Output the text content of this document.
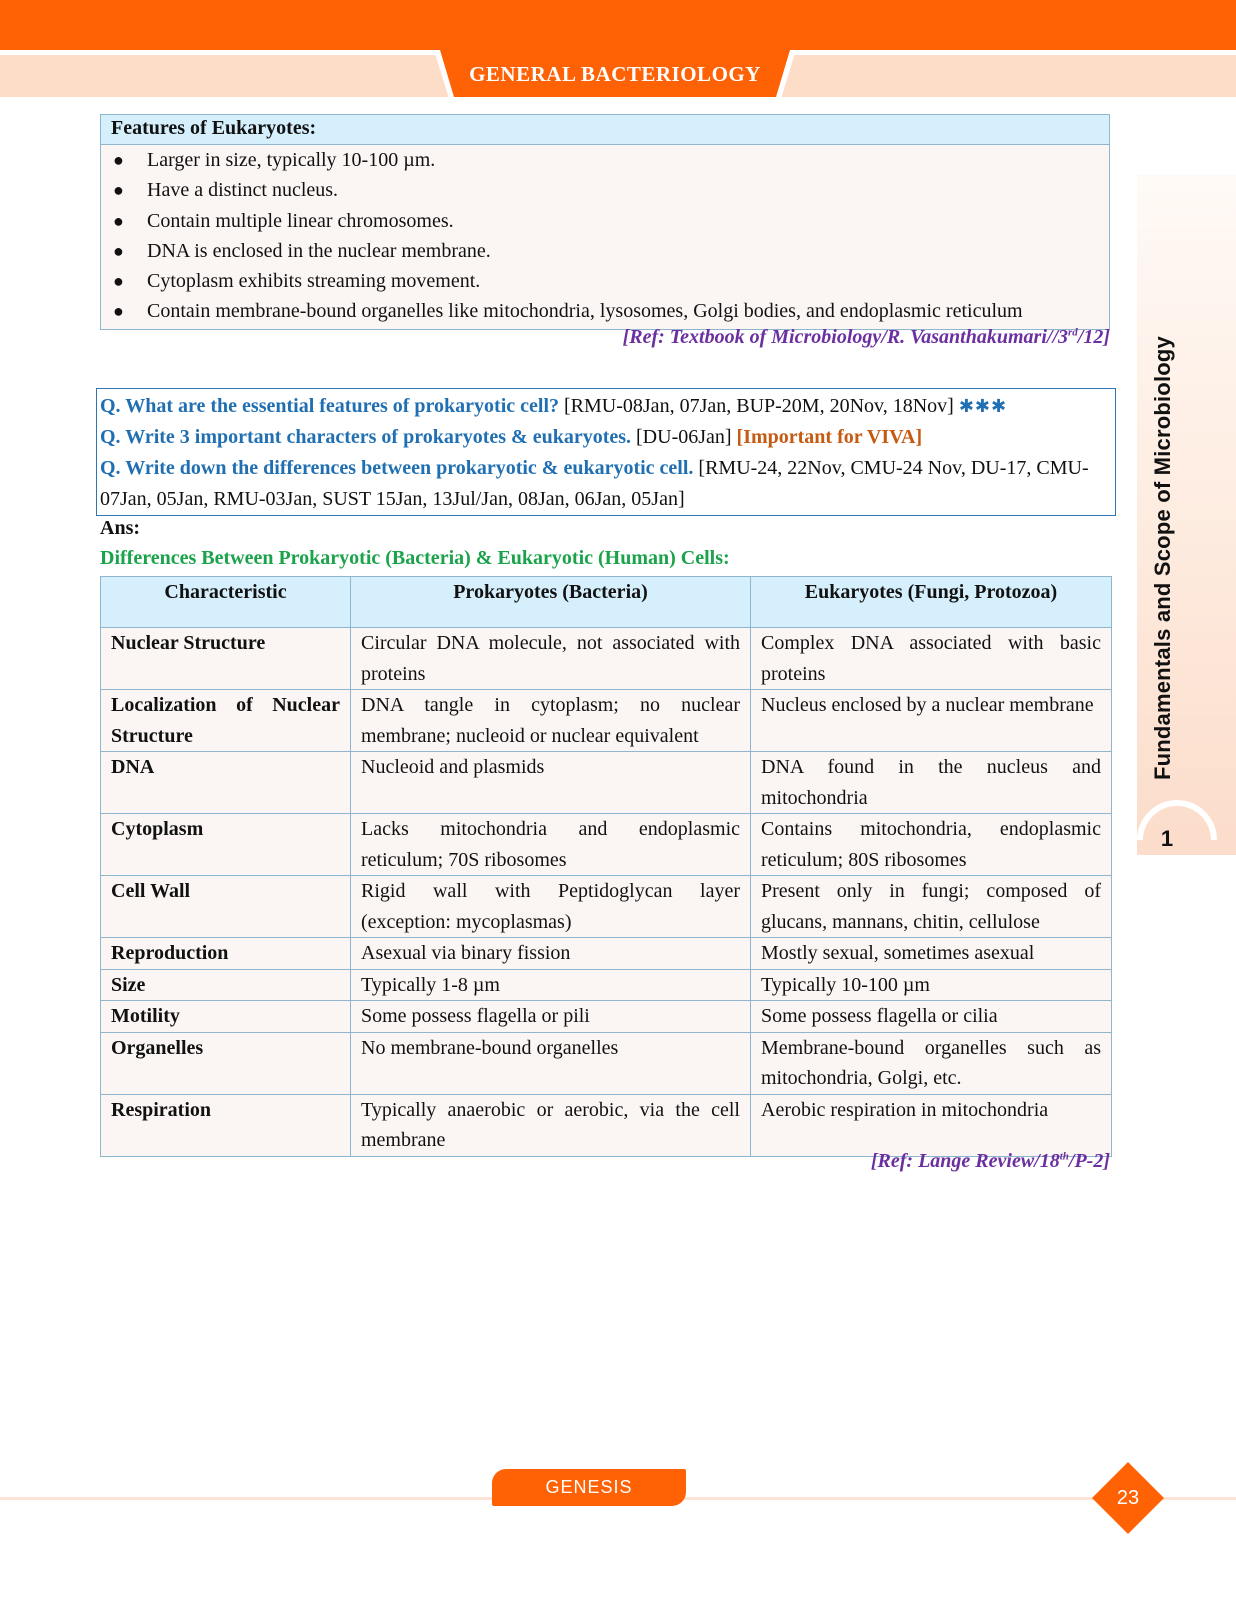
GENERAL BACTERIOLOGY
Fundamentals and Scope of Microbiology
1
Features of Eukaryotes:
● Larger in size, typically 10-100 µm.
● Have a distinct nucleus.
● Contain multiple linear chromosomes.
● DNA is enclosed in the nuclear membrane.
● Cytoplasm exhibits streaming movement.
● Contain membrane-bound organelles like mitochondria, lysosomes, Golgi bodies, and endoplasmic reticulum
[Ref: Textbook of Microbiology/R. Vasanthakumari//3rd/12]
Q. What are the essential features of prokaryotic cell? [RMU-08Jan, 07Jan, BUP-20M, 20Nov, 18Nov] ✱✱✱
Q. Write 3 important characters of prokaryotes & eukaryotes. [DU-06Jan] [Important for VIVA]
Q. Write down the differences between prokaryotic & eukaryotic cell. [RMU-24, 22Nov, CMU-24 Nov, DU-17, CMU-07Jan, 05Jan, RMU-03Jan, SUST 15Jan, 13Jul/Jan, 08Jan, 06Jan, 05Jan]
Ans:
Differences Between Prokaryotic (Bacteria) & Eukaryotic (Human) Cells:
Characteristic	Prokaryotes (Bacteria)	Eukaryotes (Fungi, Protozoa)
Nuclear Structure	Circular DNA molecule, not associated with proteins	Complex DNA associated with basic proteins
Localization of Nuclear Structure	DNA tangle in cytoplasm; no nuclear membrane; nucleoid or nuclear equivalent	Nucleus enclosed by a nuclear membrane
DNA	Nucleoid and plasmids	DNA found in the nucleus and mitochondria
Cytoplasm	Lacks mitochondria and endoplasmic reticulum; 70S ribosomes	Contains mitochondria, endoplasmic reticulum; 80S ribosomes
Cell Wall	Rigid wall with Peptidoglycan layer (exception: mycoplasmas)	Present only in fungi; composed of glucans, mannans, chitin, cellulose
Reproduction	Asexual via binary fission	Mostly sexual, sometimes asexual
Size	Typically 1-8 µm	Typically 10-100 µm
Motility	Some possess flagella or pili	Some possess flagella or cilia
Organelles	No membrane-bound organelles	Membrane-bound organelles such as mitochondria, Golgi, etc.
Respiration	Typically anaerobic or aerobic, via the cell membrane	Aerobic respiration in mitochondria
[Ref: Lange Review/18th/P-2]
GENESIS	23
